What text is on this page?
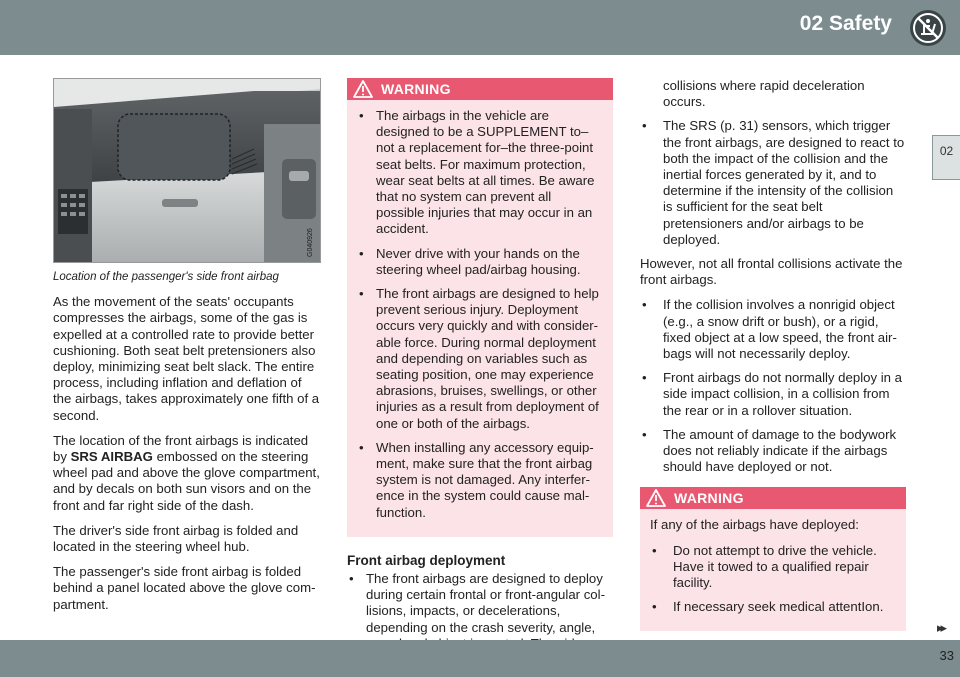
02 Safety
02
G040926
Location of the passenger's side front airbag

As the movement of the seats' occupants compresses the airbags, some of the gas is expelled at a controlled rate to provide better cushioning. Both seat belt pretensioners also deploy, minimizing seat belt slack. The entire process, including inflation and deflation of the airbags, takes approximately one fifth of a second.

The location of the front airbags is indicated by SRS AIRBAG embossed on the steering wheel pad and above the glove compartment, and by decals on both sun visors and on the front and far right side of the dash.

The driver's side front airbag is folded and located in the steering wheel hub.

The passenger's side front airbag is folded behind a panel located above the glove com-partment.

WARNING
• The airbags in the vehicle are designed to be a SUPPLEMENT to–not a replacement for–the three-point seat belts. For maximum protection, wear seat belts at all times. Be aware that no system can prevent all possible injuries that may occur in an accident.
• Never drive with your hands on the steering wheel pad/airbag housing.
• The front airbags are designed to help prevent serious injury. Deployment occurs very quickly and with consider-able force. During normal deployment and depending on variables such as seating position, one may experience abrasions, bruises, swellings, or other injuries as a result from deployment of one or both of the airbags.
• When installing any accessory equip-ment, make sure that the front airbag system is not damaged. Any interfer-ence in the system could cause mal-function.
Front airbag deployment
• The front airbags are designed to deploy during certain frontal or front-angular col-lisions, impacts, or decelerations, depending on the crash severity, angle,
collisions where rapid deceleration occurs.
• The SRS (p. 31) sensors, which trigger the front airbags, are designed to react to both the impact of the collision and the inertial forces generated by it, and to determine if the intensity of the collision is sufficient for the seat belt pretensioners and/or airbags to be deployed.

However, not all frontal collisions activate the front airbags.

• If the collision involves a nonrigid object (e.g., a snow drift or bush), or a rigid, fixed object at a low speed, the front air-bags will not necessarily deploy.
• Front airbags do not normally deploy in a side impact collision, in a collision from the rear or in a rollover situation.
• The amount of damage to the bodywork does not reliably indicate if the airbags should have deployed or not.
WARNING

If any of the airbags have deployed:

• Do not attempt to drive the vehicle. Have it towed to a qualified repair facility.
• If necessary seek medical attentIon.
▸▸
33
